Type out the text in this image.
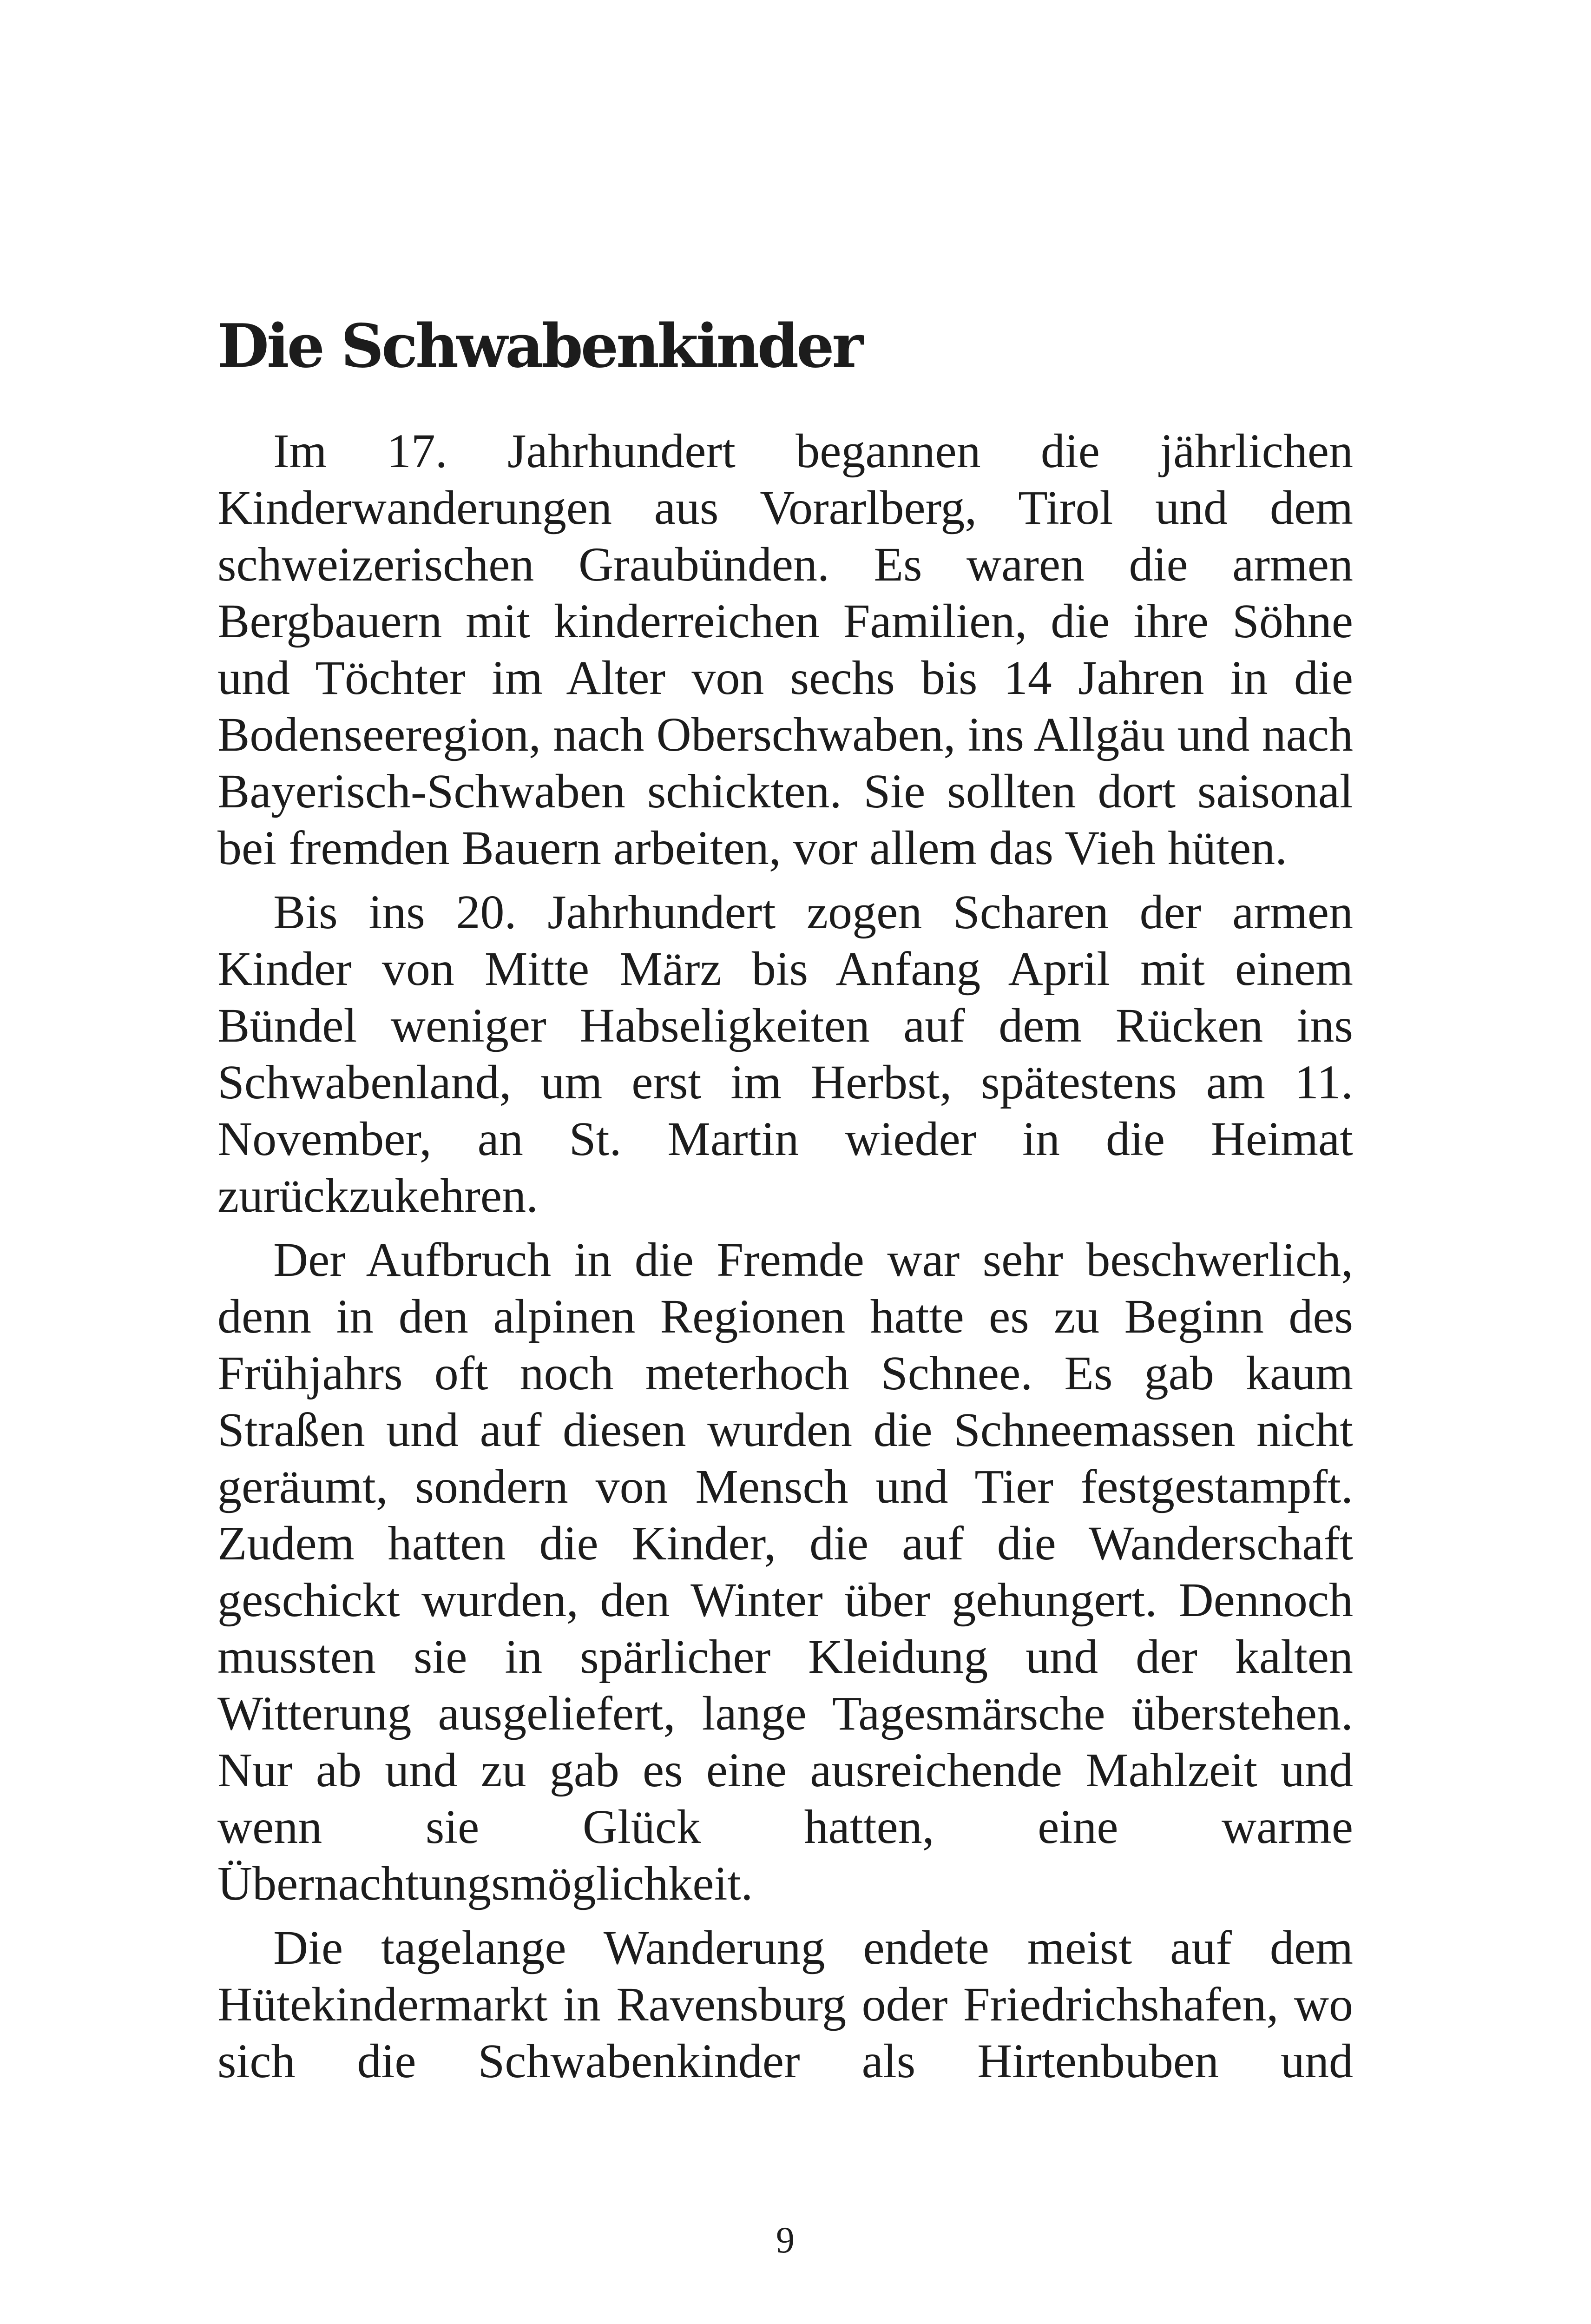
Die Schwabenkinder

Im 17. Jahrhundert begannen die jährlichen Kinderwanderungen aus Vorarlberg, Tirol und dem schweizerischen Graubünden. Es waren die armen Bergbauern mit kinderreichen Familien, die ihre Söhne und Töchter im Alter von sechs bis 14 Jahren in die Bodenseeregion, nach Oberschwaben, ins Allgäu und nach Bayerisch-Schwaben schickten. Sie sollten dort saisonal bei fremden Bauern arbeiten, vor allem das Vieh hüten.

Bis ins 20. Jahrhundert zogen Scharen der armen Kinder von Mitte März bis Anfang April mit einem Bündel weniger Habseligkeiten auf dem Rücken ins Schwabenland, um erst im Herbst, spätestens am 11. November, an St. Martin wieder in die Heimat zurückzukehren.

Der Aufbruch in die Fremde war sehr beschwerlich, denn in den alpinen Regionen hatte es zu Beginn des Frühjahrs oft noch meterhoch Schnee. Es gab kaum Straßen und auf diesen wurden die Schneemassen nicht geräumt, sondern von Mensch und Tier festgestampft. Zudem hatten die Kinder, die auf die Wanderschaft geschickt wurden, den Winter über gehungert. Dennoch mussten sie in spärlicher Kleidung und der kalten Witterung ausgeliefert, lange Tagesmärsche überstehen. Nur ab und zu gab es eine ausreichende Mahlzeit und wenn sie Glück hatten, eine warme Übernachtungsmöglichkeit.

Die tagelange Wanderung endete meist auf dem Hütekindermarkt in Ravensburg oder Friedrichshafen, wo sich die Schwabenkinder als Hirtenbuben und

9
